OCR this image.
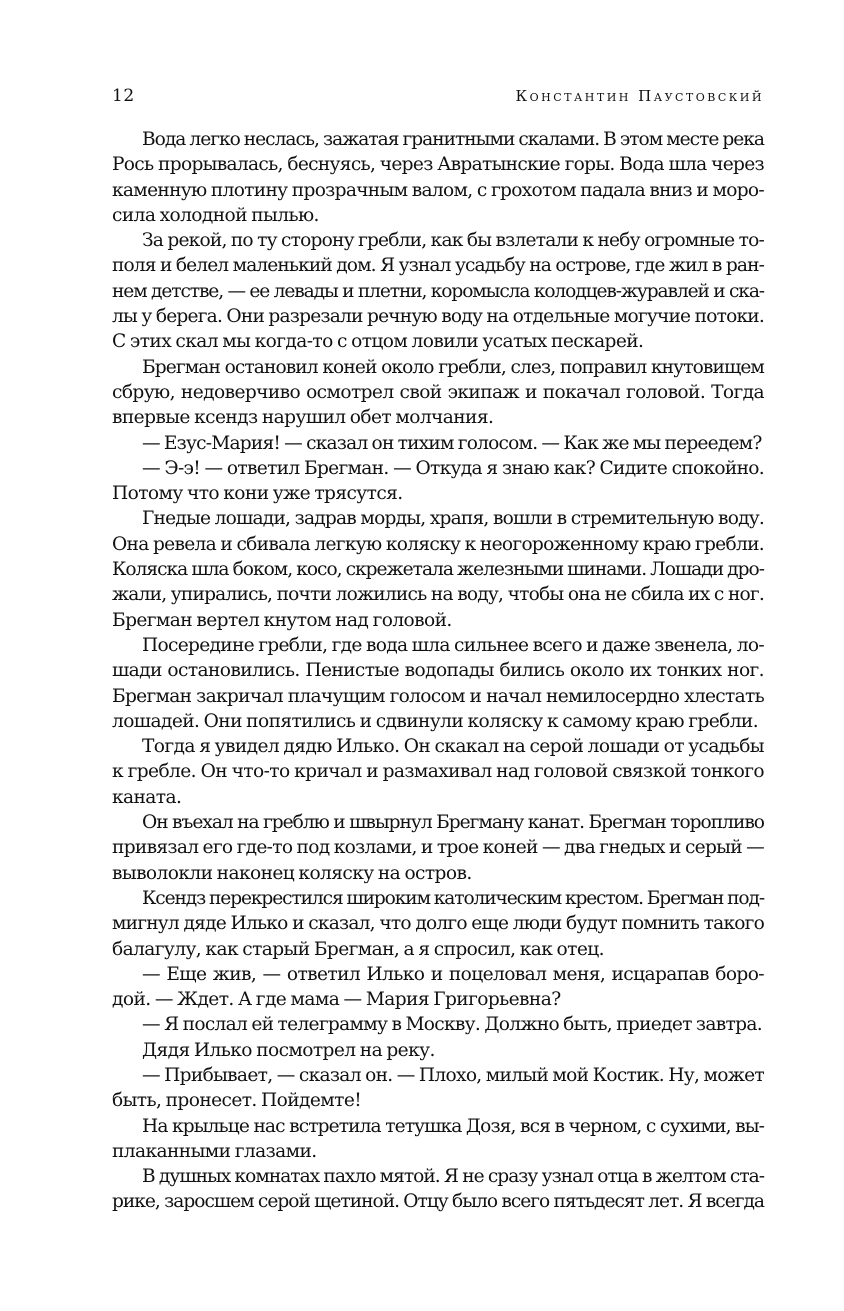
12	Константин Паустовский
Вода легко неслась, зажатая гранитными скалами. В этом месте река
Рось прорывалась, беснуясь, через Авратынские горы. Вода шла через
каменную плотину прозрачным валом, с грохотом падала вниз и моро-
сила холодной пылью.
За рекой, по ту сторону гребли, как бы взлетали к небу огромные то-
поля и белел маленький дом. Я узнал усадьбу на острове, где жил в ран-
нем детстве, — ее левады и плетни, коромысла колодцев-журавлей и ска-
лы у берега. Они разрезали речную воду на отдельные могучие потоки.
С этих скал мы когда-то с отцом ловили усатых пескарей.
Брегман остановил коней около гребли, слез, поправил кнутовищем
сбрую, недоверчиво осмотрел свой экипаж и покачал головой. Тогда
впервые ксендз нарушил обет молчания.
— Езус-Мария! — сказал он тихим голосом. — Как же мы переедем?
— Э-э! — ответил Брегман. — Откуда я знаю как? Сидите спокойно.
Потому что кони уже трясутся.
Гнедые лошади, задрав морды, храпя, вошли в стремительную воду.
Она ревела и сбивала легкую коляску к неогороженному краю гребли.
Коляска шла боком, косо, скрежетала железными шинами. Лошади дро-
жали, упирались, почти ложились на воду, чтобы она не сбила их с ног.
Брегман вертел кнутом над головой.
Посередине гребли, где вода шла сильнее всего и даже звенела, ло-
шади остановились. Пенистые водопады бились около их тонких ног.
Брегман закричал плачущим голосом и начал немилосердно хлестать
лошадей. Они попятились и сдвинули коляску к самому краю гребли.
Тогда я увидел дядю Илько. Он скакал на серой лошади от усадьбы
к гребле. Он что-то кричал и размахивал над головой связкой тонкого
каната.
Он въехал на греблю и швырнул Брегману канат. Брегман торопливо
привязал его где-то под козлами, и трое коней — два гнедых и серый —
выволокли наконец коляску на остров.
Ксендз перекрестился широким католическим крестом. Брегман под-
мигнул дяде Илько и сказал, что долго еще люди будут помнить такого
балагулу, как старый Брегман, а я спросил, как отец.
— Еще жив, — ответил Илько и поцеловал меня, исцарапав боро-
дой. — Ждет. А где мама — Мария Григорьевна?
— Я послал ей телеграмму в Москву. Должно быть, приедет завтра.
Дядя Илько посмотрел на реку.
— Прибывает, — сказал он. — Плохо, милый мой Костик. Ну, может
быть, пронесет. Пойдемте!
На крыльце нас встретила тетушка Дозя, вся в черном, с сухими, вы-
плаканными глазами.
В душных комнатах пахло мятой. Я не сразу узнал отца в желтом ста-
рике, заросшем серой щетиной. Отцу было всего пятьдесят лет. Я всегда
